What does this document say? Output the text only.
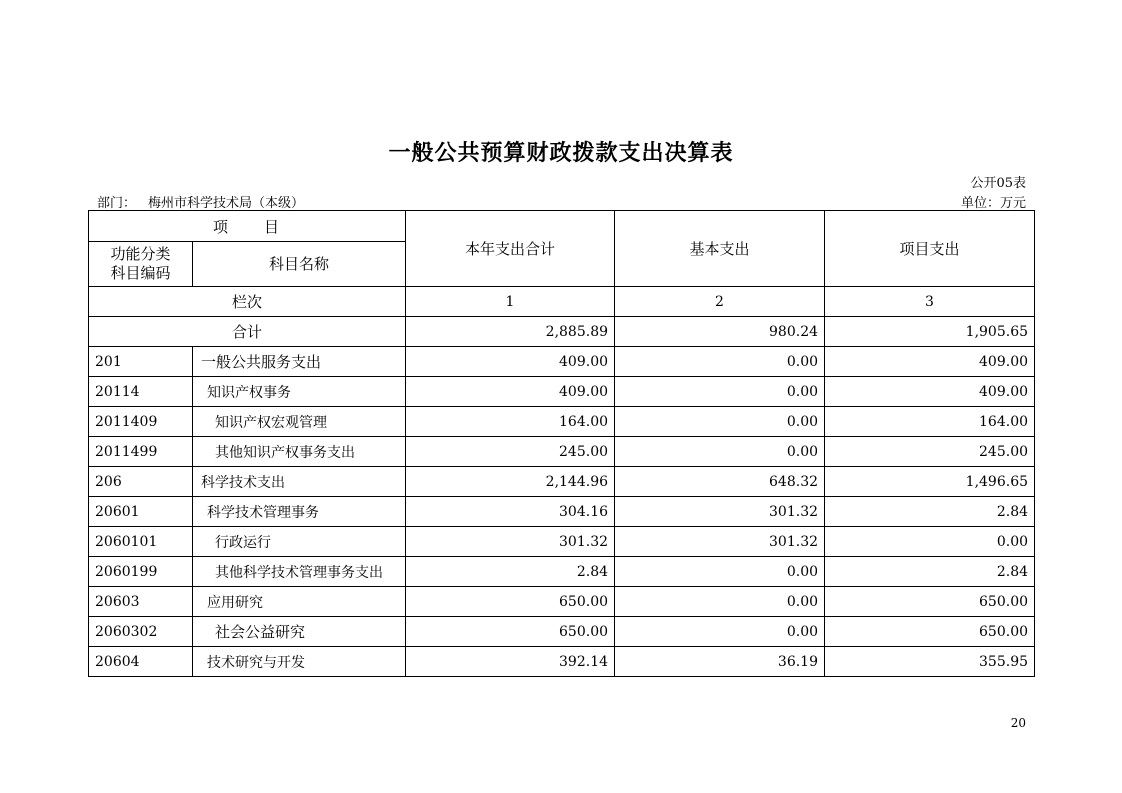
一般公共预算财政拨款支出决算表
公开05表
部门： 梅州市科学技术局（本级）	单位：万元
项　　目		本年支出合计	基本支出	项目支出

功能分类
科目编码	科目名称			
栏次		1	2	3
合计		2,885.89	980.24	1,905.65
201	一般公共服务支出	409.00	0.00	409.00
20114	知识产权事务	409.00	0.00	409.00
2011409	知识产权宏观管理	164.00	0.00	164.00
2011499	其他知识产权事务支出	245.00	0.00	245.00
206	科学技术支出	2,144.96	648.32	1,496.65
20601	科学技术管理事务	304.16	301.32	2.84
2060101	行政运行	301.32	301.32	0.00
2060199	其他科学技术管理事务支出	2.84	0.00	2.84
20603	应用研究	650.00	0.00	650.00
2060302	社会公益研究	650.00	0.00	650.00
20604	技术研究与开发	392.14	36.19	355.95
20
